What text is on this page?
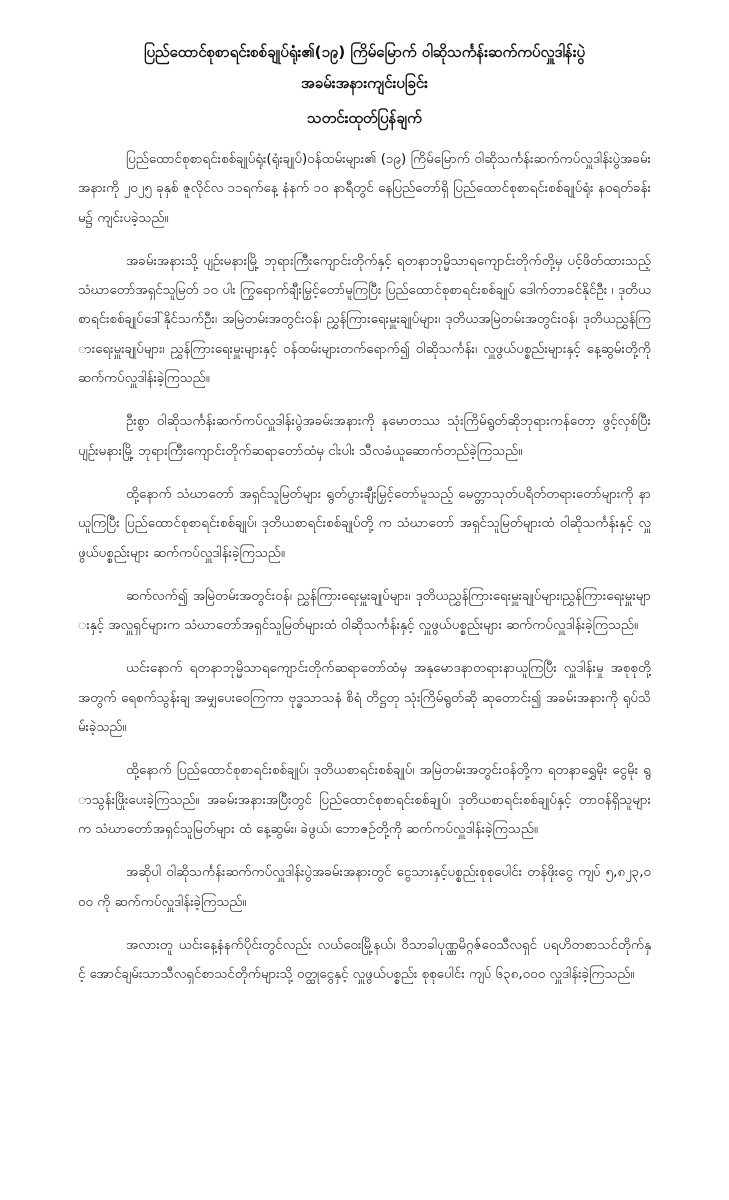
ပြည်ထောင်စုစာရင်းစစ်ချုပ်ရုံး၏(၁၉) ကြိမ်မြောက် ဝါဆိုသင်္ကန်းဆက်ကပ်လှူဒါန်းပွဲ

အခမ်းအနားကျင်းပခြင်း

သတင်းထုတ်ပြန်ချက်

ပြည်ထောင်စုစာရင်းစစ်ချုပ်ရုံး(ရုံးချုပ်)ဝန်ထမ်းများ၏ (၁၉) ကြိမ်မြောက် ဝါဆိုသင်္ကန်းဆက်ကပ်လှူဒါန်းပွဲအခမ်းအနားကို ၂၀၂၅ ခုနှစ် ဇူလိုင်လ ၁၁ရက်နေ့ နံနက် ၁၀ နာရီတွင် နေပြည်တော်ရှိ ပြည်ထောင်စုစာရင်းစစ်ချုပ်ရုံး နဝရတ်ခန်းမ၌ ကျင်းပခဲ့သည်။

အခမ်းအနားသို့ ပျဉ်းမနားမြို့ ဘုရားကြီးကျောင်းတိုက်နှင့် ရတနာဘုမ္မိသာရကျောင်းတိုက်တို့မှ ပင့်ဖိတ်ထားသည့် သံဃာတော်အရှင်သူမြတ် ၁၀ ပါး ကြွရောက်ချီးမြှင့်တော်မူကြပြီး ပြည်ထောင်စုစာရင်းစစ်ချုပ် ဒေါက်တာခင်နိုင်ဦး ၊ ဒုတိယစာရင်းစစ်ချုပ်ဒေါ်နိုင်သက်ဦး၊ အမြဲတမ်းအတွင်းဝန်၊ ညွှန်ကြားရေးမှူးချုပ်များ၊ ဒုတိယအမြဲတမ်းအတွင်းဝန်၊ ဒုတိယညွှန်ကြားရေးမှူးချုပ်များ၊ ညွှန်ကြားရေးမှူးများနှင့် ဝန်ထမ်းများတက်ရောက်၍ ဝါဆိုသင်္ကန်း၊ လှူဖွယ်ပစ္စည်းများနှင့် နေ့ဆွမ်းတို့ကို ဆက်ကပ်လှူဒါန်းခဲ့ကြသည်။

ဦးစွာ ဝါဆိုသင်္ကန်းဆက်ကပ်လှူဒါန်းပွဲအခမ်းအနားကို နမောတဿ သုံးကြိမ်ရွတ်ဆိုဘုရားကန်တော့ ဖွင့်လှစ်ပြီး ပျဉ်းမနားမြို့ ဘုရားကြီးကျောင်းတိုက်ဆရာတော်ထံမှ ငါးပါး သီလခံယူဆောက်တည်ခဲ့ကြသည်။

ထို့နောက် သံဃာတော် အရှင်သူမြတ်များ ရွတ်ပွားချီးမြှင့်တော်မူသည့် မေတ္တာသုတ်ပရိတ်တရားတော်များကို နာယူကြပြီး ပြည်ထောင်စုစာရင်းစစ်ချုပ်၊ ဒုတိယစာရင်းစစ်ချုပ်တို့ က သံဃာတော် အရှင်သူမြတ်များထံ ဝါဆိုသင်္ကန်းနှင့် လှူဖွယ်ပစ္စည်းများ ဆက်ကပ်လှူဒါန်းခဲ့ကြသည်။

ဆက်လက်၍ အမြဲတမ်းအတွင်းဝန်၊ ညွှန်ကြားရေးမှူးချုပ်များ၊ ဒုတိယညွှန်ကြားရေးမှူးချုပ်များ၊ညွှန်ကြားရေးမှူးများနှင့် အလှူရှင်များက သံဃာတော်အရှင်သူမြတ်များထံ ဝါဆိုသင်္ကန်းနှင့် လှူဖွယ်ပစ္စည်းများ ဆက်ကပ်လှူဒါန်းခဲ့ကြသည်။

ယင်းနောက် ရတနာဘုမ္မိသာရကျောင်းတိုက်ဆရာတော်ထံမှ အနုမောဒနာတရားနာယူကြပြီး လှူဒါန်းမှု အစုစုတို့အတွက် ရေစက်သွန်းချ အမျှပေးဝေကြကာ ဗုဒ္ဓသာသနံ စိရံ တိဋ္ဌတု သုံးကြိမ်ရွတ်ဆို ဆုတောင်း၍ အခမ်းအနားကို ရုပ်သိမ်းခဲ့သည်။

ထို့နောက် ပြည်ထောင်စုစာရင်းစစ်ချုပ်၊ ဒုတိယစာရင်းစစ်ချုပ်၊ အမြဲတမ်းအတွင်းဝန်တို့က ရတနာရွှေမိုး ငွေမိုး ရွာသွန်းဖြိုးပေးခဲ့ကြသည်။ အခမ်းအနားအပြီးတွင် ပြည်ထောင်စုစာရင်းစစ်ချုပ်၊ ဒုတိယစာရင်းစစ်ချုပ်နှင့် တာဝန်ရှိသူများက သံဃာတော်အရှင်သူမြတ်များ ထံ နေ့ဆွမ်း၊ ခဲဖွယ်၊ ဘောဇဉ်တို့ကို ဆက်ကပ်လှူဒါန်းခဲ့ကြသည်။

အဆိုပါ ဝါဆိုသင်္ကန်းဆက်ကပ်လှူဒါန်းပွဲအခမ်းအနားတွင် ငွေသားနှင့်ပစ္စည်းစုစုပေါင်း တန်ဖိုးငွေ ကျပ် ၅,၈၂၃,၀၀၀ ကို ဆက်ကပ်လှူဒါန်းခဲ့ကြသည်။

အလားတူ ယင်းနေ့နံနက်ပိုင်းတွင်လည်း လယ်ဝေးမြို့နယ်၊ ဝိသာခါပုဏ္ဏမိဂ္ဂဇ်ဝေသီလရှင် ပရဟိတစာသင်တိုက်နှင့် အောင်ချမ်းသာသီလရှင်စာသင်တိုက်များသို့ ဝတ္ထုငွေနှင့် လှူဖွယ်ပစ္စည်း စုစုပေါင်း ကျပ် ၆၃၈,၀၀၀ လှူဒါန်းခဲ့ကြသည်။
